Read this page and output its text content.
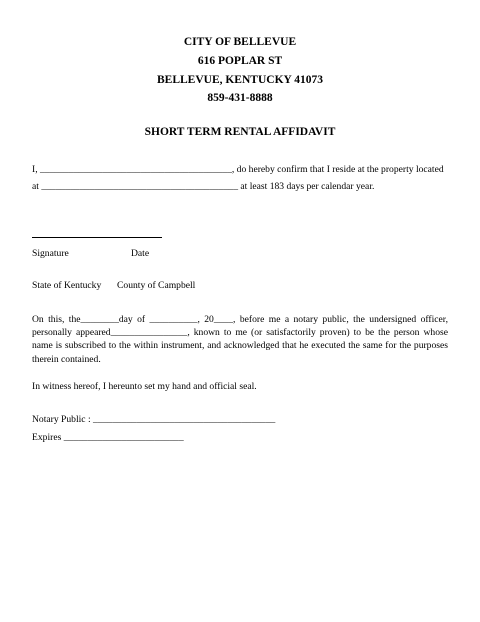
CITY OF BELLEVUE
616 POPLAR ST
BELLEVUE, KENTUCKY 41073
859-431-8888
SHORT TERM RENTAL AFFIDAVIT
I, ________________________________________, do hereby confirm that I reside at the property located
at _________________________________________ at least 183 days per calendar year.
Signature	Date
State of Kentucky County of Campbell
On this, the________day of __________, 20____, before me a notary public, the undersigned officer, personally appeared________________, known to me (or satisfactorily proven) to be the person whose name is subscribed to the within instrument, and acknowledged that he executed the same for the purposes therein contained.
In witness hereof, I hereunto set my hand and official seal.
Notary Public : ______________________________________
Expires _________________________
